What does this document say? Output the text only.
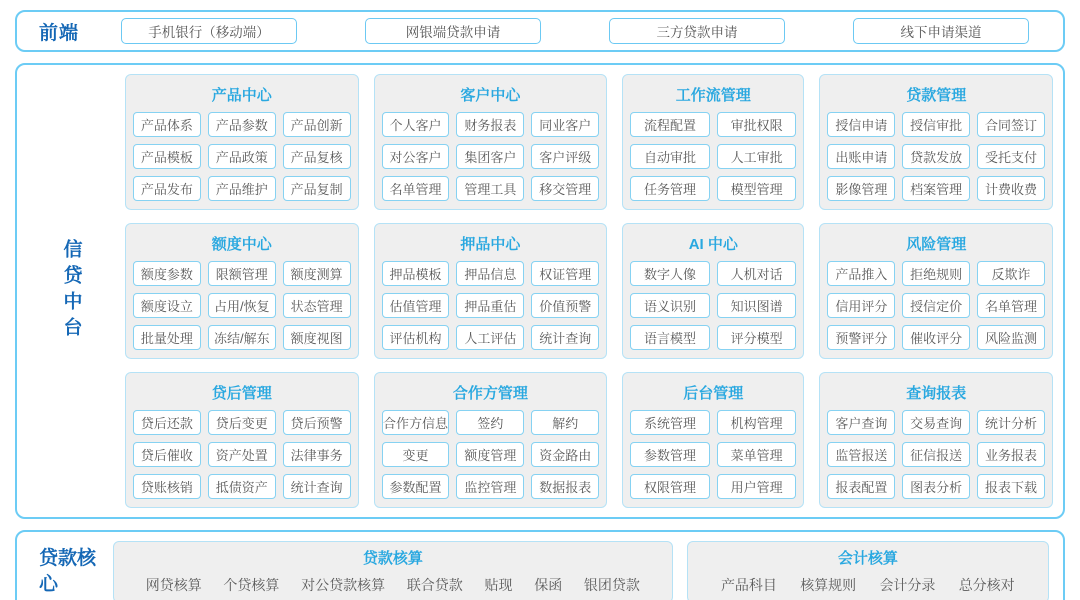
前端	手机银行（移动端）	网银端贷款申请	三方贷款申请	线下申请渠道
信贷中台
产品中心
产品体系	产品参数	产品创新
产品模板	产品政策	产品复核
产品发布	产品维护	产品复制
客户中心
个人客户	财务报表	同业客户
对公客户	集团客户	客户评级
名单管理	管理工具	移交管理
工作流管理
流程配置	审批权限
自动审批	人工审批
任务管理	模型管理
贷款管理
授信申请	授信审批	合同签订
出账申请	贷款发放	受托支付
影像管理	档案管理	计费收费
额度中心
额度参数	限额管理	额度测算
额度设立	占用/恢复	状态管理
批量处理	冻结/解东	额度视图
押品中心
押品模板	押品信息	权证管理
估值管理	押品重估	价值预警
评估机构	人工评估	统计查询
AI 中心
数字人像	人机对话
语义识别	知识图谱
语言模型	评分模型
风险管理
产品推入	拒绝规则	反欺诈
信用评分	授信定价	名单管理
预警评分	催收评分	风险监测
贷后管理
贷后还款	贷后变更	贷后预警
贷后催收	资产处置	法律事务
贷账核销	抵债资产	统计查询
合作方管理
合作方信息	签约	解约
变更	额度管理	资金路由
参数配置	监控管理	数据报表
后台管理
系统管理	机构管理
参数管理	菜单管理
权限管理	用户管理
查询报表
客户查询	交易查询	统计分析
监管报送	征信报送	业务报表
报表配置	图表分析	报表下载
贷款核心
贷款核算
网贷核算 个贷核算 对公贷款核算 联合贷款 贴现 保函 银团贷款
会计核算
产品科目 核算规则 会计分录 总分核对
